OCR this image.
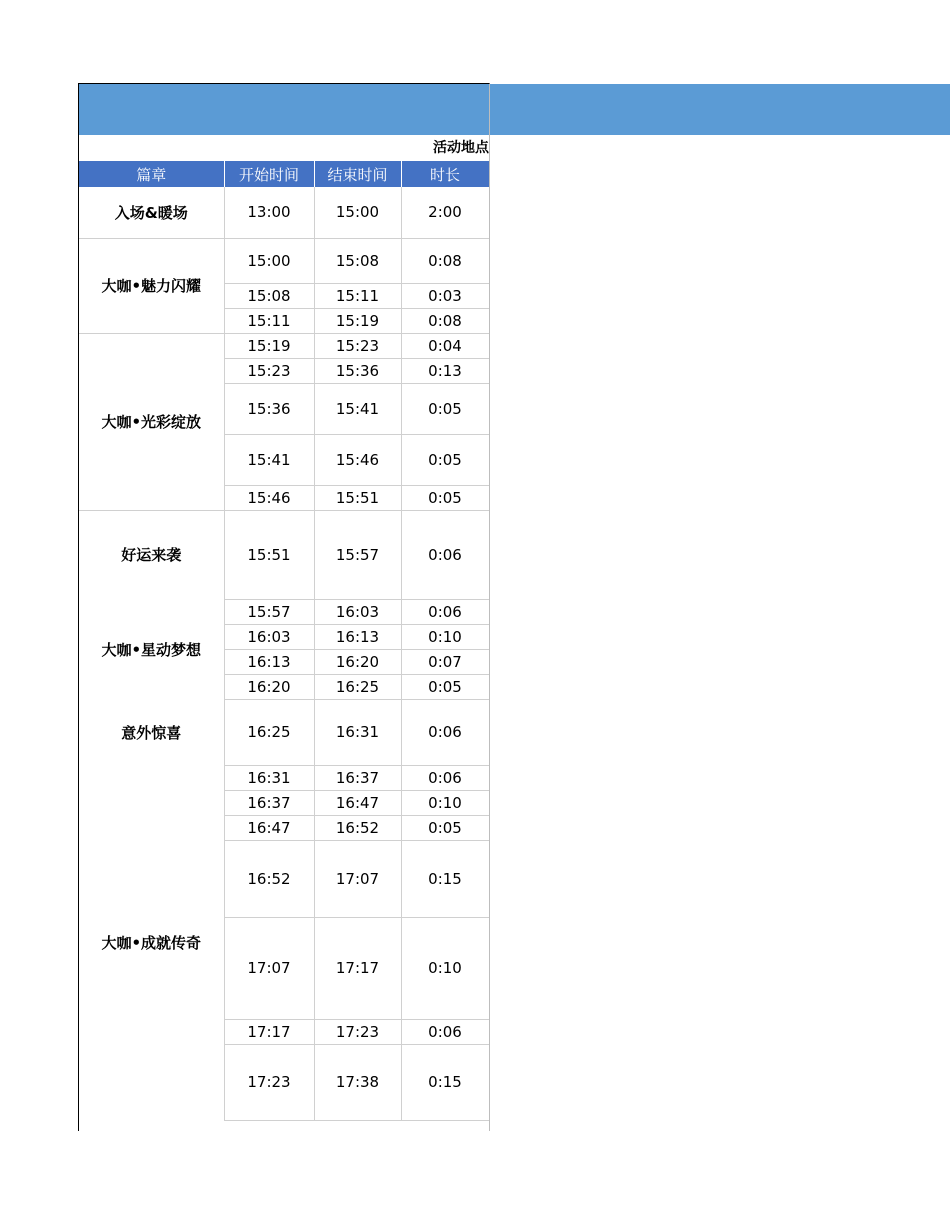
活动地点
篇章	开始时间	结束时间	时长
入场&暖场	13:00	15:00	2:00
大咖•魅力闪耀	15:00	15:08	0:08
	15:08	15:11	0:03
	15:11	15:19	0:08
大咖•光彩绽放	15:19	15:23	0:04
	15:23	15:36	0:13
	15:36	15:41	0:05
	15:41	15:46	0:05
	15:46	15:51	0:05
好运来袭	15:51	15:57	0:06
大咖•星动梦想	15:57	16:03	0:06
	16:03	16:13	0:10
	16:13	16:20	0:07
	16:20	16:25	0:05
意外惊喜	16:25	16:31	0:06
大咖•成就传奇	16:31	16:37	0:06
	16:37	16:47	0:10
	16:47	16:52	0:05
	16:52	17:07	0:15
	17:07	17:17	0:10
	17:17	17:23	0:06
	17:23	17:38	0:15
